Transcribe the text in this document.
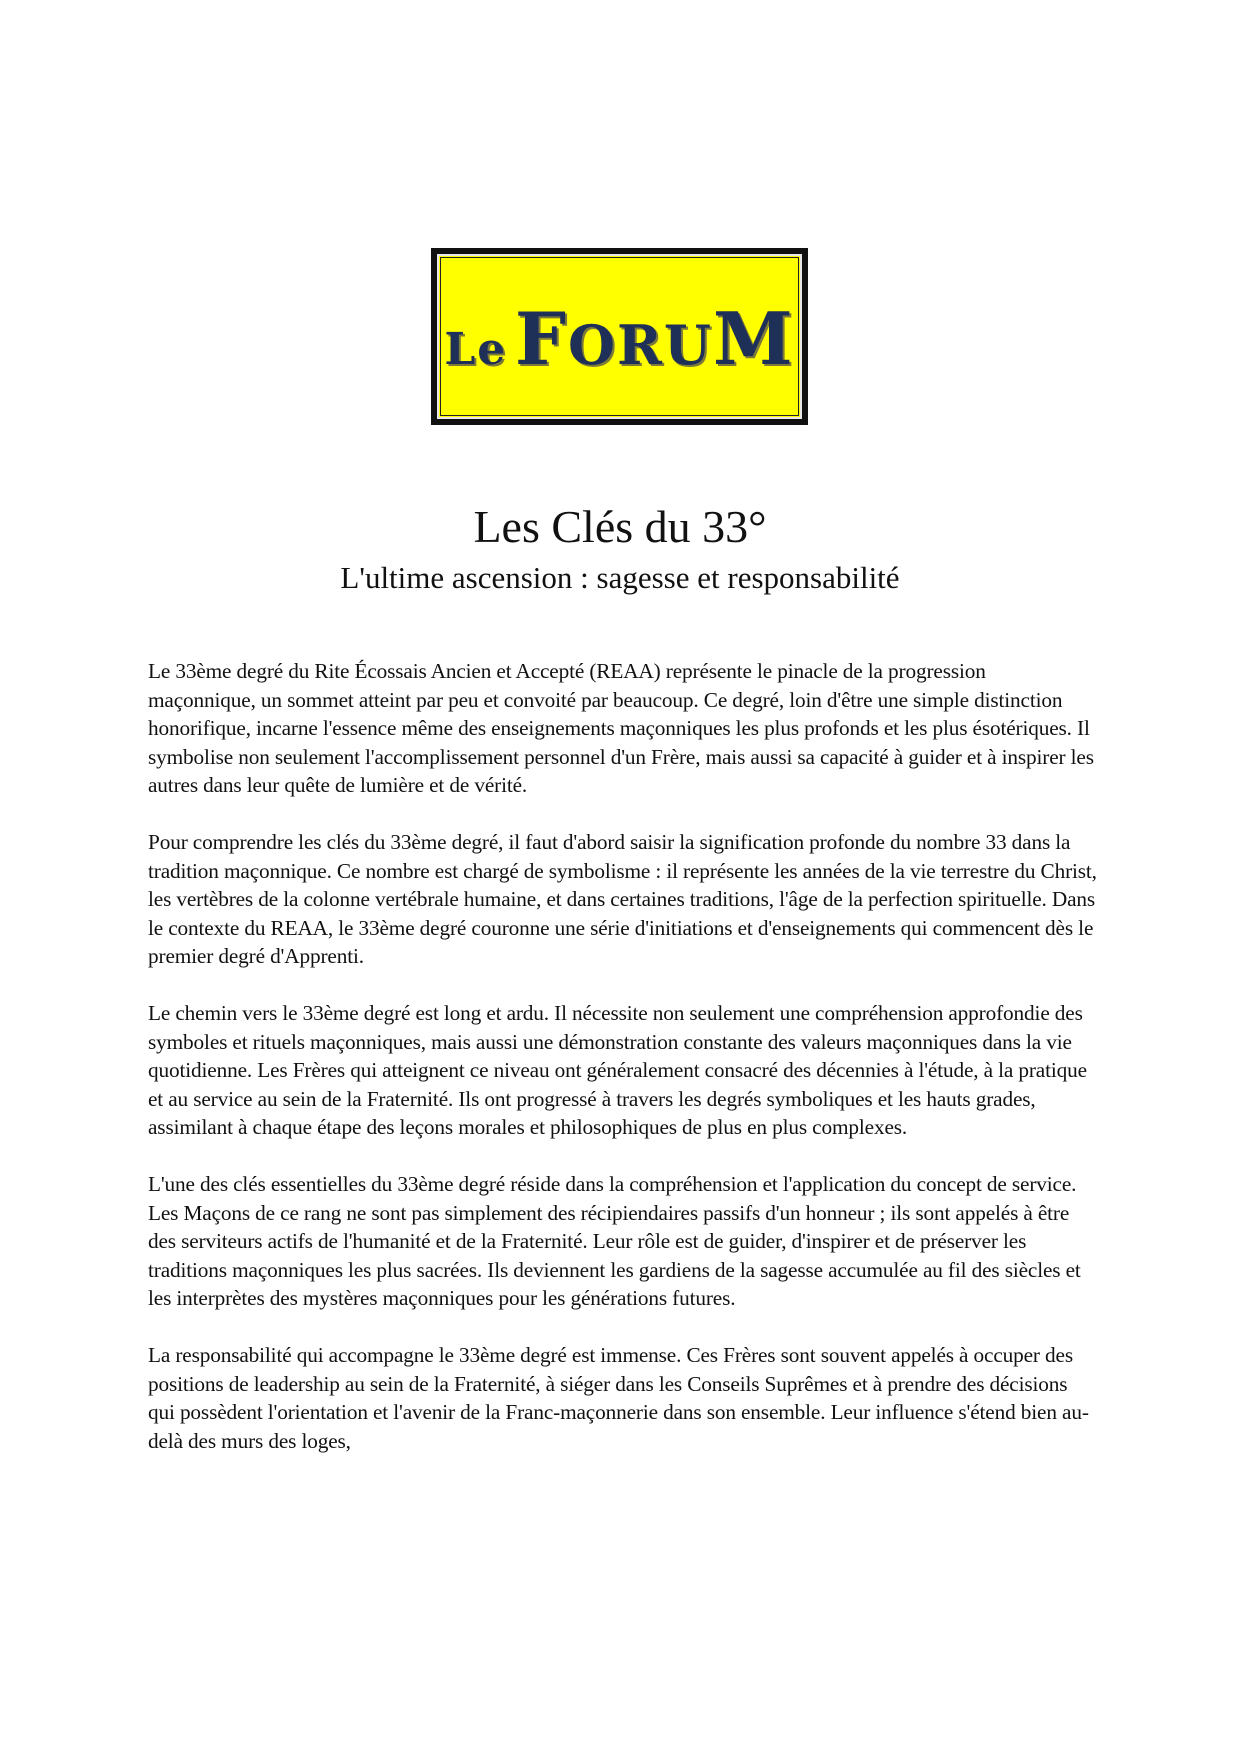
Le FORUM
Les Clés du 33°
L'ultime ascension : sagesse et responsabilité

Le 33ème degré du Rite Écossais Ancien et Accepté (REAA) représente le pinacle de la progression maçonnique, un sommet atteint par peu et convoité par beaucoup. Ce degré, loin d'être une simple distinction honorifique, incarne l'essence même des enseignements maçonniques les plus profonds et les plus ésotériques. Il symbolise non seulement l'accomplissement personnel d'un Frère, mais aussi sa capacité à guider et à inspirer les autres dans leur quête de lumière et de vérité.

Pour comprendre les clés du 33ème degré, il faut d'abord saisir la signification profonde du nombre 33 dans la tradition maçonnique. Ce nombre est chargé de symbolisme : il représente les années de la vie terrestre du Christ, les vertèbres de la colonne vertébrale humaine, et dans certaines traditions, l'âge de la perfection spirituelle. Dans le contexte du REAA, le 33ème degré couronne une série d'initiations et d'enseignements qui commencent dès le premier degré d'Apprenti.

Le chemin vers le 33ème degré est long et ardu. Il nécessite non seulement une compréhension approfondie des symboles et rituels maçonniques, mais aussi une démonstration constante des valeurs maçonniques dans la vie quotidienne. Les Frères qui atteignent ce niveau ont généralement consacré des décennies à l'étude, à la pratique et au service au sein de la Fraternité. Ils ont progressé à travers les degrés symboliques et les hauts grades, assimilant à chaque étape des leçons morales et philosophiques de plus en plus complexes.

L'une des clés essentielles du 33ème degré réside dans la compréhension et l'application du concept de service. Les Maçons de ce rang ne sont pas simplement des récipiendaires passifs d'un honneur ; ils sont appelés à être des serviteurs actifs de l'humanité et de la Fraternité. Leur rôle est de guider, d'inspirer et de préserver les traditions maçonniques les plus sacrées. Ils deviennent les gardiens de la sagesse accumulée au fil des siècles et les interprètes des mystères maçonniques pour les générations futures.

La responsabilité qui accompagne le 33ème degré est immense. Ces Frères sont souvent appelés à occuper des positions de leadership au sein de la Fraternité, à siéger dans les Conseils Suprêmes et à prendre des décisions qui possèdent l'orientation et l'avenir de la Franc-maçonnerie dans son ensemble. Leur influence s'étend bien au-delà des murs des loges,
